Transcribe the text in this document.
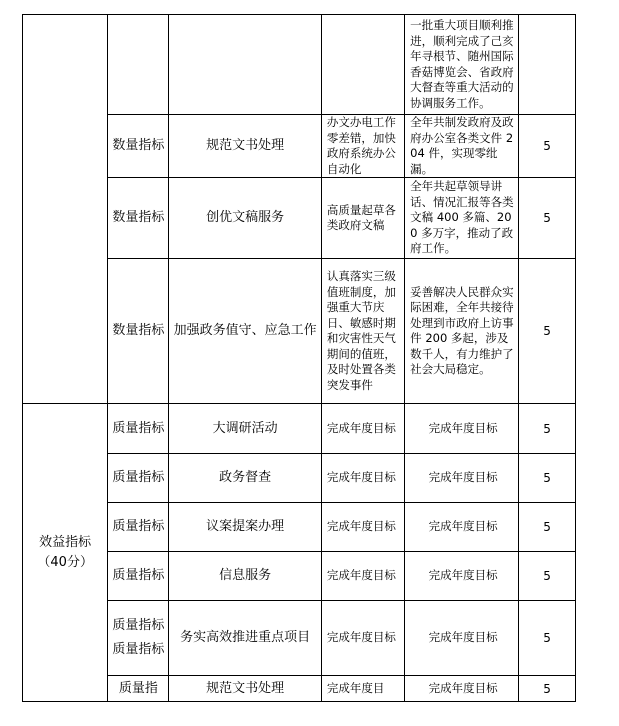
				一批重大项目顺利推进，顺利完成了己亥年寻根节、随州国际香菇博览会、省政府大督查等重大活动的协调服务工作。	

	数量指标	规范文书处理	办文办电工作零差错，加快政府系统办公自动化	全年共制发政府及政府办公室各类文件 204 件，实现零纰漏。	5

	数量指标	创优文稿服务	高质量起草各类政府文稿	全年共起草领导讲话、情况汇报等各类文稿 400 多篇、200 多万字，推动了政府工作。	5

	数量指标	加强政务值守、应急工作	认真落实三级值班制度，加强重大节庆日、敏感时期和灾害性天气期间的值班，及时处置各类突发事件	妥善解决人民群众实际困难，全年共接待处理到市政府上访事件 200 多起，涉及数千人，有力维护了社会大局稳定。	5

效益指标
（40分）	质量指标	大调研活动	完成年度目标	完成年度目标	5

	质量指标	政务督查	完成年度目标	完成年度目标	5

	质量指标	议案提案办理	完成年度目标	完成年度目标	5

	质量指标	信息服务	完成年度目标	完成年度目标	5

	质量指标质量指标	务实高效推进重点项目	完成年度目标	完成年度目标	5

	质量指	规范文书处理	完成年度目	完成年度目标	5
